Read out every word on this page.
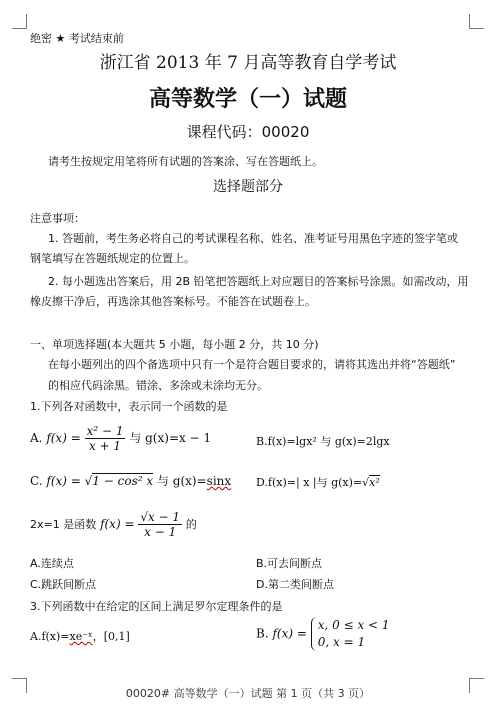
绝密 ★ 考试结束前
浙江省 2013 年 7 月高等教育自学考试
高等数学（一）试题
课程代码：00020
请考生按规定用笔将所有试题的答案涂、写在答题纸上。
选择题部分
注意事项：
1. 答题前，考生务必将自己的考试课程名称、姓名、准考证号用黑色字迹的签字笔或
钢笔填写在答题纸规定的位置上。
2. 每小题选出答案后，用 2B 铅笔把答题纸上对应题目的答案标号涂黑。如需改动，用
橡皮擦干净后，再选涂其他答案标号。不能答在试题卷上。
一、单项选择题(本大题共 5 小题，每小题 2 分，共 10 分)
在每小题列出的四个备选项中只有一个是符合题目要求的，请将其选出并将“答题纸”
的相应代码涂黑。错涂、多涂或未涂均无分。
1.下列各对函数中，表示同一个函数的是
A. $f(x) = \frac{\text{x² − 1}}{x + 1}$ 与 g(x)=x − 1	B.f(x)=lgx² 与 g(x)=2lgx
C. f(x) = √1 − cos² x 与 g(x)=sinx D.f(x)=| x |与 g(x)=√x²
2x=1 是函数 $f(x) = \frac{√x - 1}{x - 1}$ 的
A.连续点	B.可去间断点
C.跳跃间断点	D.第二类间断点
3.下列函数中在给定的区间上满足罗尔定理条件的是
A.f(x)=xe⁻ˣ，[0,1]	B. f(x) =
x, 0 ≤ x < 1
0, x = 1
00020# 高等数学（一）试题 第 1 页（共 3 页）
